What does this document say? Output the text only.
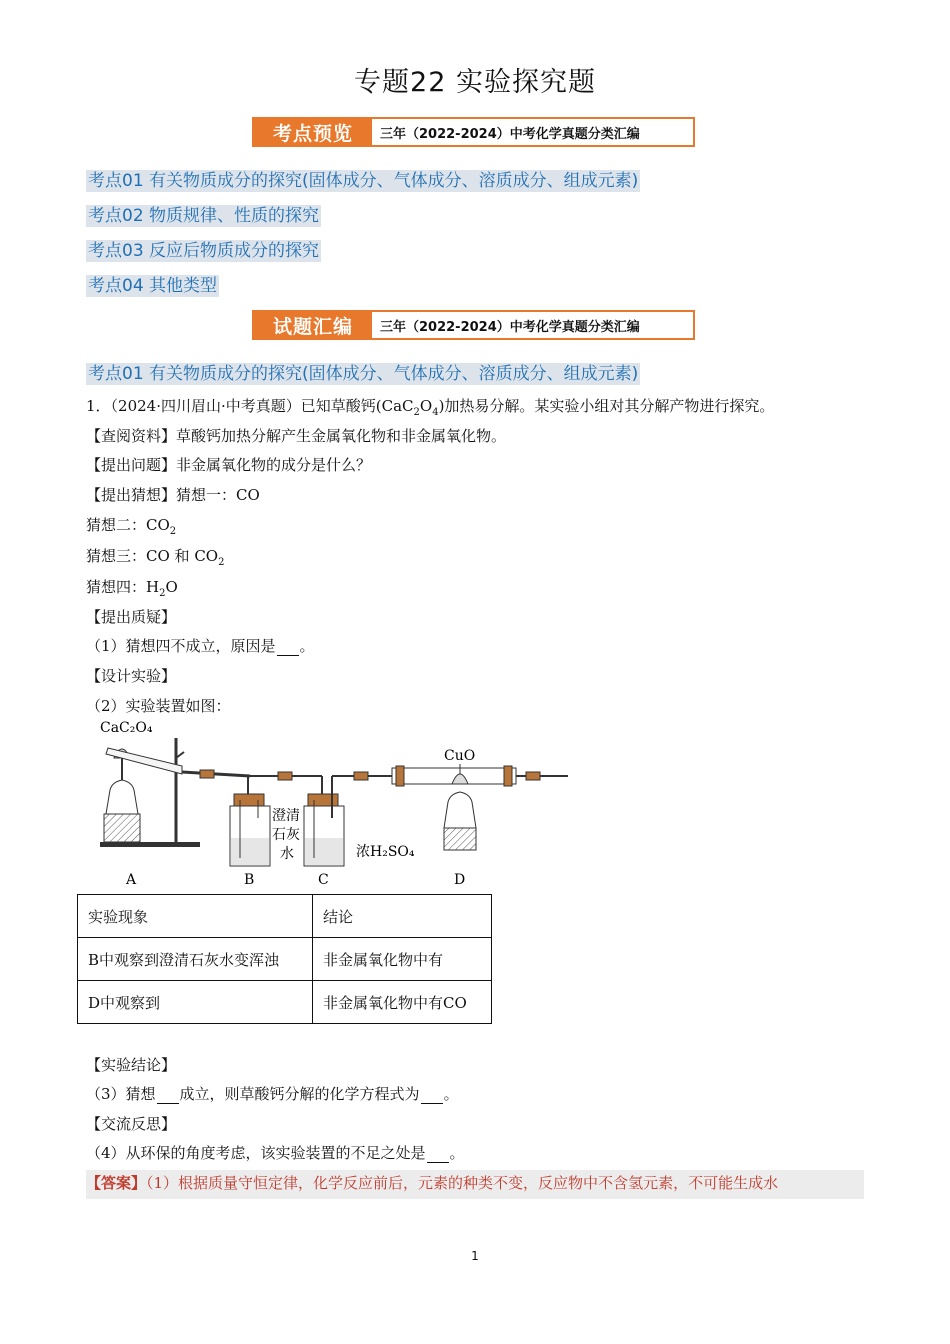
专题22 实验探究题
考点预览	三年（2022-2024）中考化学真题分类汇编
考点01 有关物质成分的探究(固体成分、气体成分、溶质成分、组成元素)
考点02 物质规律、性质的探究
考点03 反应后物质成分的探究
考点04 其他类型
试题汇编	三年（2022-2024）中考化学真题分类汇编
考点01 有关物质成分的探究(固体成分、气体成分、溶质成分、组成元素)
1．（2024·四川眉山·中考真题）已知草酸钙$(CaC_2O_4)$加热易分解。某实验小组对其分解产物进行探究。
【查阅资料】草酸钙加热分解产生金属氧化物和非金属氧化物。
【提出问题】非金属氧化物的成分是什么？
【提出猜想】猜想一：CO
猜想二：$CO_2$
猜想三：CO 和 $CO_2$
猜想四：$H_2O$
【提出质疑】
（1）猜想四不成立，原因是 。
【设计实验】
（2）实验装置如图：
CaC₂O₄
澄清
石灰
水	浓H₂SO₄
CuO
A	B	C	D
实验现象	结论
B中观察到澄清石灰水变浑浊	非金属氧化物中有
D中观察到	非金属氧化物中有CO
【实验结论】
（3）猜想 成立，则草酸钙分解的化学方程式为 。
【交流反思】
（4）从环保的角度考虑，该实验装置的不足之处是 。
【答案】（1）根据质量守恒定律，化学反应前后，元素的种类不变，反应物中不含氢元素，不可能生成水
1
